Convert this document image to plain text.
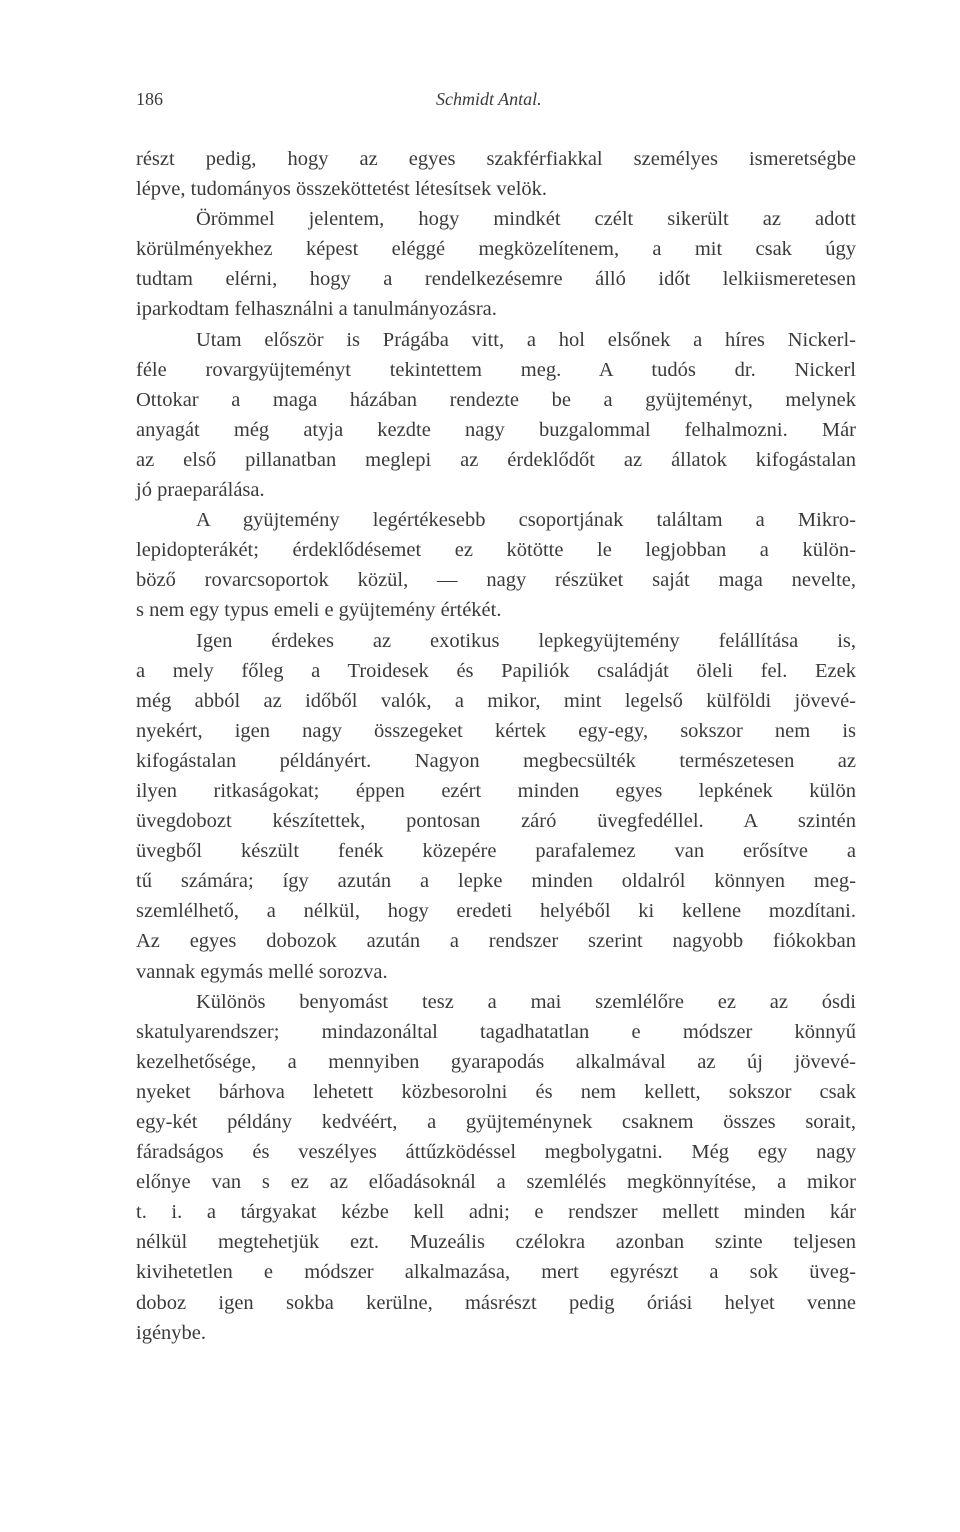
186	Schmidt Antal.
részt pedig, hogy az egyes szakférfiakkal személyes ismeretségbe
lépve, tudományos összeköttetést létesítsek velök.
Örömmel jelentem, hogy mindkét czélt sikerült az adott
körülményekhez képest eléggé megközelítenem, a mit csak úgy
tudtam elérni, hogy a rendelkezésemre álló időt lelkiismeretesen
iparkodtam felhasználni a tanulmányozásra.
Utam először is Prágába vitt, a hol elsőnek a híres Nickerl-
féle rovargyüjteményt tekintettem meg. A tudós dr. Nickerl
Ottokar a maga házában rendezte be a gyüjteményt, melynek
anyagát még atyja kezdte nagy buzgalommal felhalmozni. Már
az első pillanatban meglepi az érdeklődőt az állatok kifogástalan
jó praeparálása.
A gyüjtemény legértékesebb csoportjának találtam a Mikro-
lepidopterákét; érdeklődésemet ez kötötte le legjobban a külön-
böző rovarcsoportok közül, — nagy részüket saját maga nevelte,
s nem egy typus emeli e gyüjtemény értékét.
Igen érdekes az exotikus lepkegyüjtemény felállítása is,
a mely főleg a Troidesek és Papiliók családját öleli fel. Ezek
még abból az időből valók, a mikor, mint legelső külföldi jövevé-
nyekért, igen nagy összegeket kértek egy-egy, sokszor nem is
kifogástalan példányért. Nagyon megbecsülték természetesen az
ilyen ritkaságokat; éppen ezért minden egyes lepkének külön
üvegdobozt készítettek, pontosan záró üvegfedéllel. A szintén
üvegből készült fenék közepére parafalemez van erősítve a
tű számára; így azután a lepke minden oldalról könnyen meg-
szemlélhető, a nélkül, hogy eredeti helyéből ki kellene mozdítani.
Az egyes dobozok azután a rendszer szerint nagyobb fiókokban
vannak egymás mellé sorozva.
Különös benyomást tesz a mai szemlélőre ez az ósdi
skatulyarendszer; mindazonáltal tagadhatatlan e módszer könnyű
kezelhetősége, a mennyiben gyarapodás alkalmával az új jövevé-
nyeket bárhova lehetett közbesorolni és nem kellett, sokszor csak
egy-két példány kedvéért, a gyüjteménynek csaknem összes sorait,
fáradságos és veszélyes áttűzködéssel megbolygatni. Még egy nagy
előnye van s ez az előadásoknál a szemlélés megkönnyítése, a mikor
t. i. a tárgyakat kézbe kell adni; e rendszer mellett minden kár
nélkül megtehetjük ezt. Muzeális czélokra azonban szinte teljesen
kivihetetlen e módszer alkalmazása, mert egyrészt a sok üveg-
doboz igen sokba kerülne, másrészt pedig óriási helyet venne
igénybe.
